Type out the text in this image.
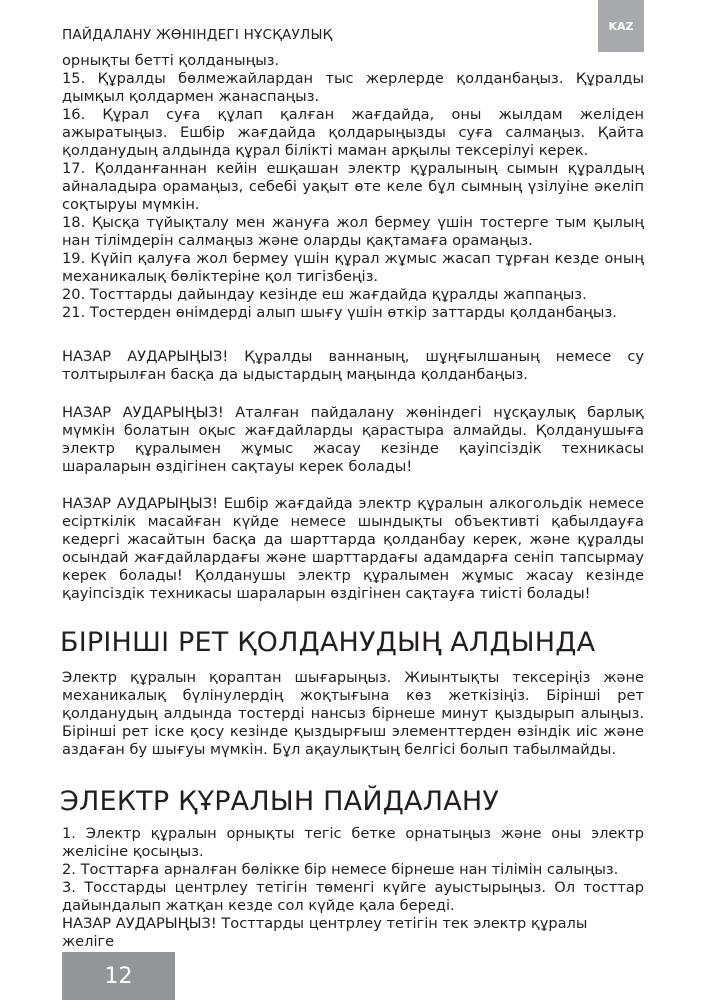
ПАЙДАЛАНУ ЖӨНІНДЕГІ НҰСҚАУЛЫҚ
KAZ

орнықты бетті қолданыңыз.

15. Құралды бөлмежайлардан тыс жерлерде қолданбаңыз. Құралды дымқыл қолдармен жанаспаңыз.

16. Құрал суға құлап қалған жағдайда, оны жылдам желіден ажыратыңыз. Ешбір жағдайда қолдарыңызды суға салмаңыз. Қайта қолданудың алдында құрал білікті маман арқылы тексерілуі керек.

17. Қолданғаннан кейін ешқашан электр құралының сымын құралдың айналадыра орамаңыз, себебі уақыт өте келе бұл сымның үзілуіне әкеліп соқтыруы мүмкін.

18. Қысқа түйықталу мен жануға жол бермеу үшін тостерге тым қылың нан тілімдерін салмаңыз және оларды қақтамаға орамаңыз.

19. Күйіп қалуға жол бермеу үшін құрал жұмыс жасап тұрған кезде оның механикалық бөліктеріне қол тигізбеңіз.

20. Тосттарды дайындау кезінде еш жағдайда құралды жаппаңыз.

21. Тостерден өнімдерді алып шығу үшін өткір заттарды қолданбаңыз.

НАЗАР АУДАРЫҢЫЗ! Құралды ваннаның, шұңғылшаның немесе су толтырылған басқа да ыдыстардың маңында қолданбаңыз.

НАЗАР АУДАРЫҢЫЗ! Аталған пайдалану жөніндегі нұсқаулық барлық мүмкін болатын оқыс жағдайларды қарастыра алмайды. Қолданушыға электр құралымен жұмыс жасау кезінде қауіпсіздік техникасы шараларын өздігінен сақтауы керек болады!

НАЗАР АУДАРЫҢЫЗ! Ешбір жағдайда электр құралын алкогольдік немесе есірткілік масайған күйде немесе шындықты объективті қабылдауға кедергі жасайтын басқа да шарттарда қолданбау керек, және құралды осындай жағдайлардағы және шарттардағы адамдарға сеніп тапсырмау керек болады! Қолданушы электр құралымен жұмыс жасау кезінде қауіпсіздік техникасы шараларын өздігінен сақтауға тиісті болады!

БІРІНШІ РЕТ ҚОЛДАНУДЫҢ АЛДЫНДА

Электр құралын қорaптан шығарыңыз. Жиынтықты тексеріңіз және механикалық бүлінулердің жоқтығына көз жеткізіңіз. Бірінші рет қолданудың алдында тостерді нансыз бірнеше минут қыздырып алыңыз. Бірінші рет іске қосу кезінде қыздырғыш элементтерден өзіндік иіс және аздаған бу шығуы мүмкін. Бұл ақаулықтың белгісі болып табылмайды.

ЭЛЕКТР ҚҰРАЛЫН ПАЙДАЛАНУ

1. Электр құралын орнықты тегіс бетке орнатыңыз және оны электр желісіне қосыңыз.

2. Тосттарға арналған бөлікке бір немесе бірнеше нан тілімін салыңыз.

3. Тосстарды центрлеу тетігін төменгі күйге ауыстырыңыз. Ол тосттар дайындалып жатқан кезде сол күйде қала береді.

НАЗАР АУДАРЫҢЫЗ! Тосттарды центрлеу тетігін тек электр құралы желіге

12
